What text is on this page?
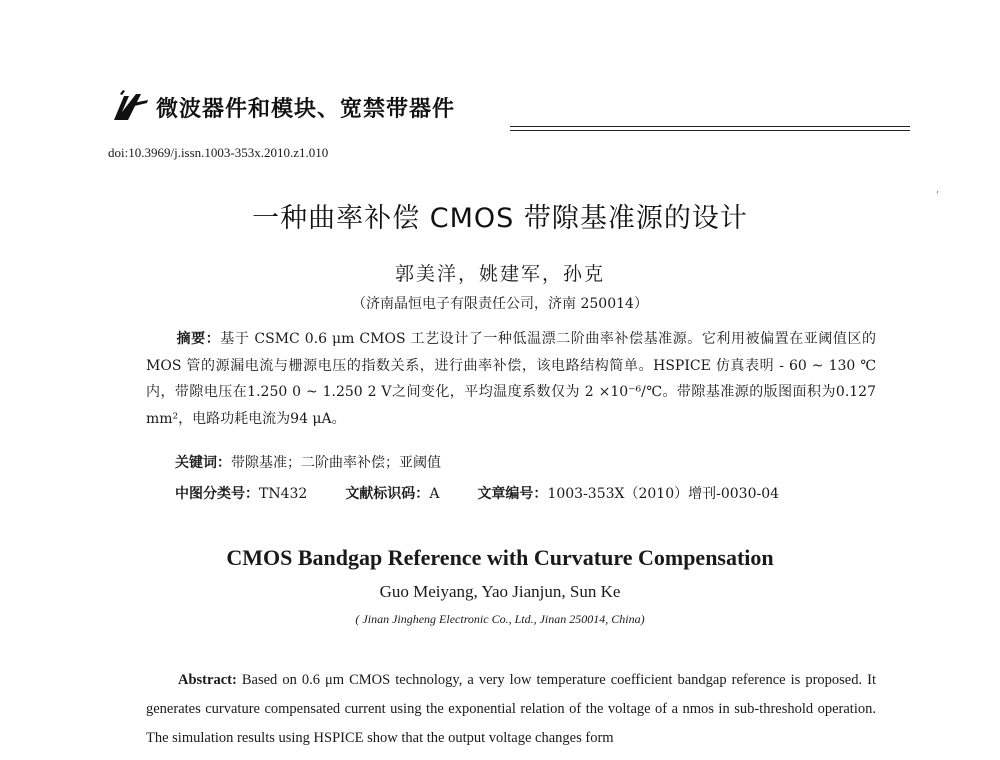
微波器件和模块、宽禁带器件
doi:10.3969/j.issn.1003-353x.2010.z1.010
,
一种曲率补偿 CMOS 带隙基准源的设计
郭美洋，姚建军，孙克
（济南晶恒电子有限责任公司，济南 250014）
摘要：基于 CSMC 0.6 μm CMOS 工艺设计了一种低温漂二阶曲率补偿基准源。它利用被偏置在亚阈值区的 MOS 管的源漏电流与栅源电压的指数关系，进行曲率补偿，该电路结构简单。HSPICE 仿真表明 - 60 ~ 130 ℃内，带隙电压在1.250 0 ~ 1.250 2 V之间变化，平均温度系数仅为 2 ×10⁻⁶/℃。带隙基准源的版图面积为0.127 mm²，电路功耗电流为94 μA。
关键词：带隙基准；二阶曲率补偿；亚阈值
中图分类号：TN432	文献标识码：A	文章编号：1003-353X（2010）增刊-0030-04
CMOS Bandgap Reference with Curvature Compensation
Guo Meiyang, Yao Jianjun, Sun Ke
( Jinan Jingheng Electronic Co., Ltd., Jinan 250014, China)
Abstract: Based on 0.6 μm CMOS technology, a very low temperature coefficient bandgap reference is proposed. It generates curvature compensated current using the exponential relation of the voltage of a nmos in sub-threshold operation. The simulation results using HSPICE show that the output voltage changes form
